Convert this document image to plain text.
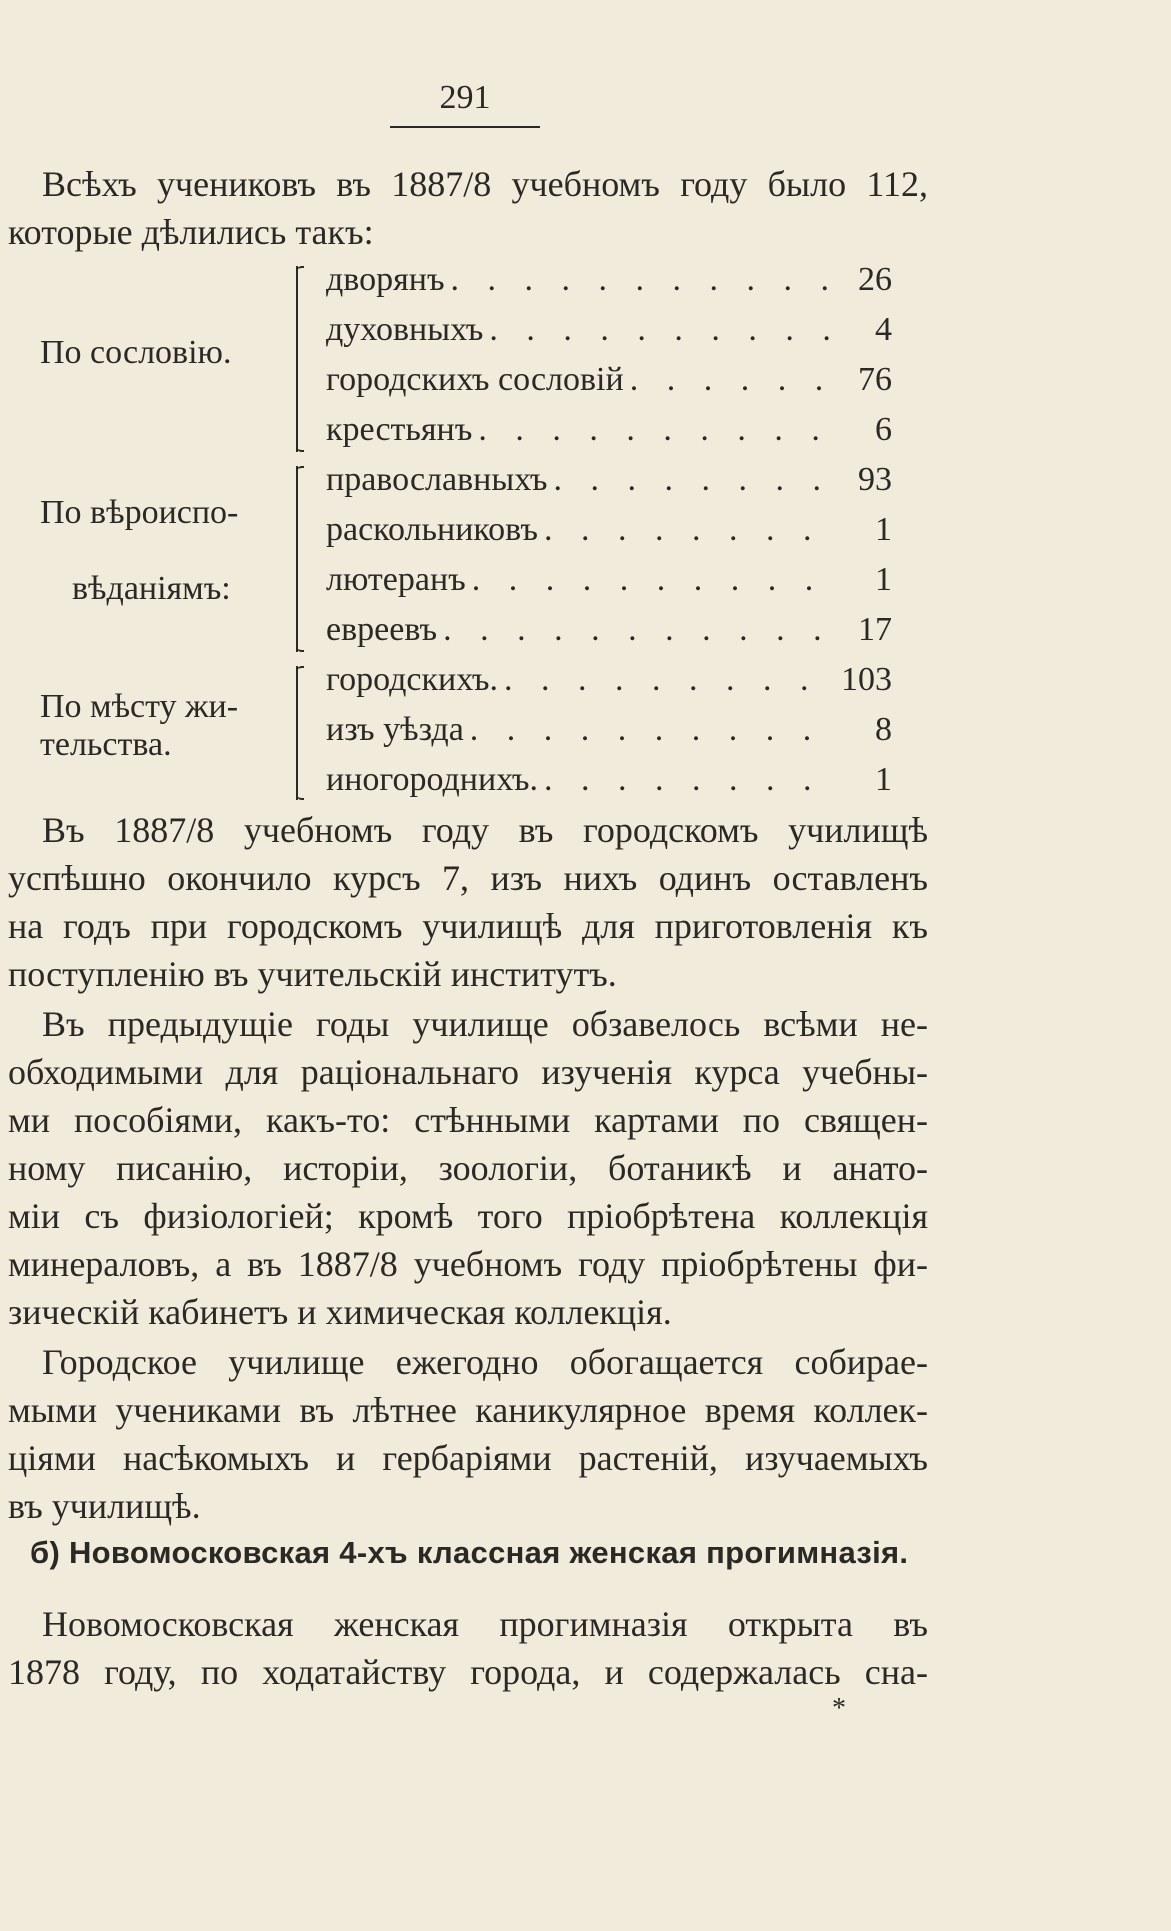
291
Всѣхъ учениковъ въ 1887/8 учебномъ году было 112,
которые дѣлились такъ:
По сословію.
дворянъ . . .	26
духовныхъ . . .	4
городскихъ сословій . . .	76
крестьянъ . . .	6
По вѣроиспо-
вѣданіямъ:
православныхъ . . .	93
раскольниковъ . . .	1
лютеранъ . . .	1
евреевъ . . .	17
По мѣсту жи-
тельства.
городскихъ. . . .	103
изъ уѣзда . . .	8
иногороднихъ. . . .	1
Въ 1887/8 учебномъ году въ городскомъ училищѣ
успѣшно окончило курсъ 7, изъ нихъ одинъ оставленъ
на годъ при городскомъ училищѣ для приготовленія къ
поступленію въ учительскій институтъ.
Въ предыдущіе годы училище обзавелось всѣми не-
обходимыми для раціональнаго изученія курса учебны-
ми пособіями, какъ-то: стѣнными картами по священ-
ному писанію, исторіи, зоологіи, ботаникѣ и анато-
міи съ физіологіей; кромѣ того пріобрѣтена коллекція
минераловъ, а въ 1887/8 учебномъ году пріобрѣтены фи-
зическій кабинетъ и химическая коллекція.
Городское училище ежегодно обогащается собирае-
мыми учениками въ лѣтнее каникулярное время коллек-
ціями насѣкомыхъ и гербаріями растеній, изучаемыхъ
въ училищѣ.
б) Новомосковская 4-хъ классная женская прогимназія.
Новомосковская женская прогимназія открыта въ
1878 году, по ходатайству города, и содержалась сна-
*
